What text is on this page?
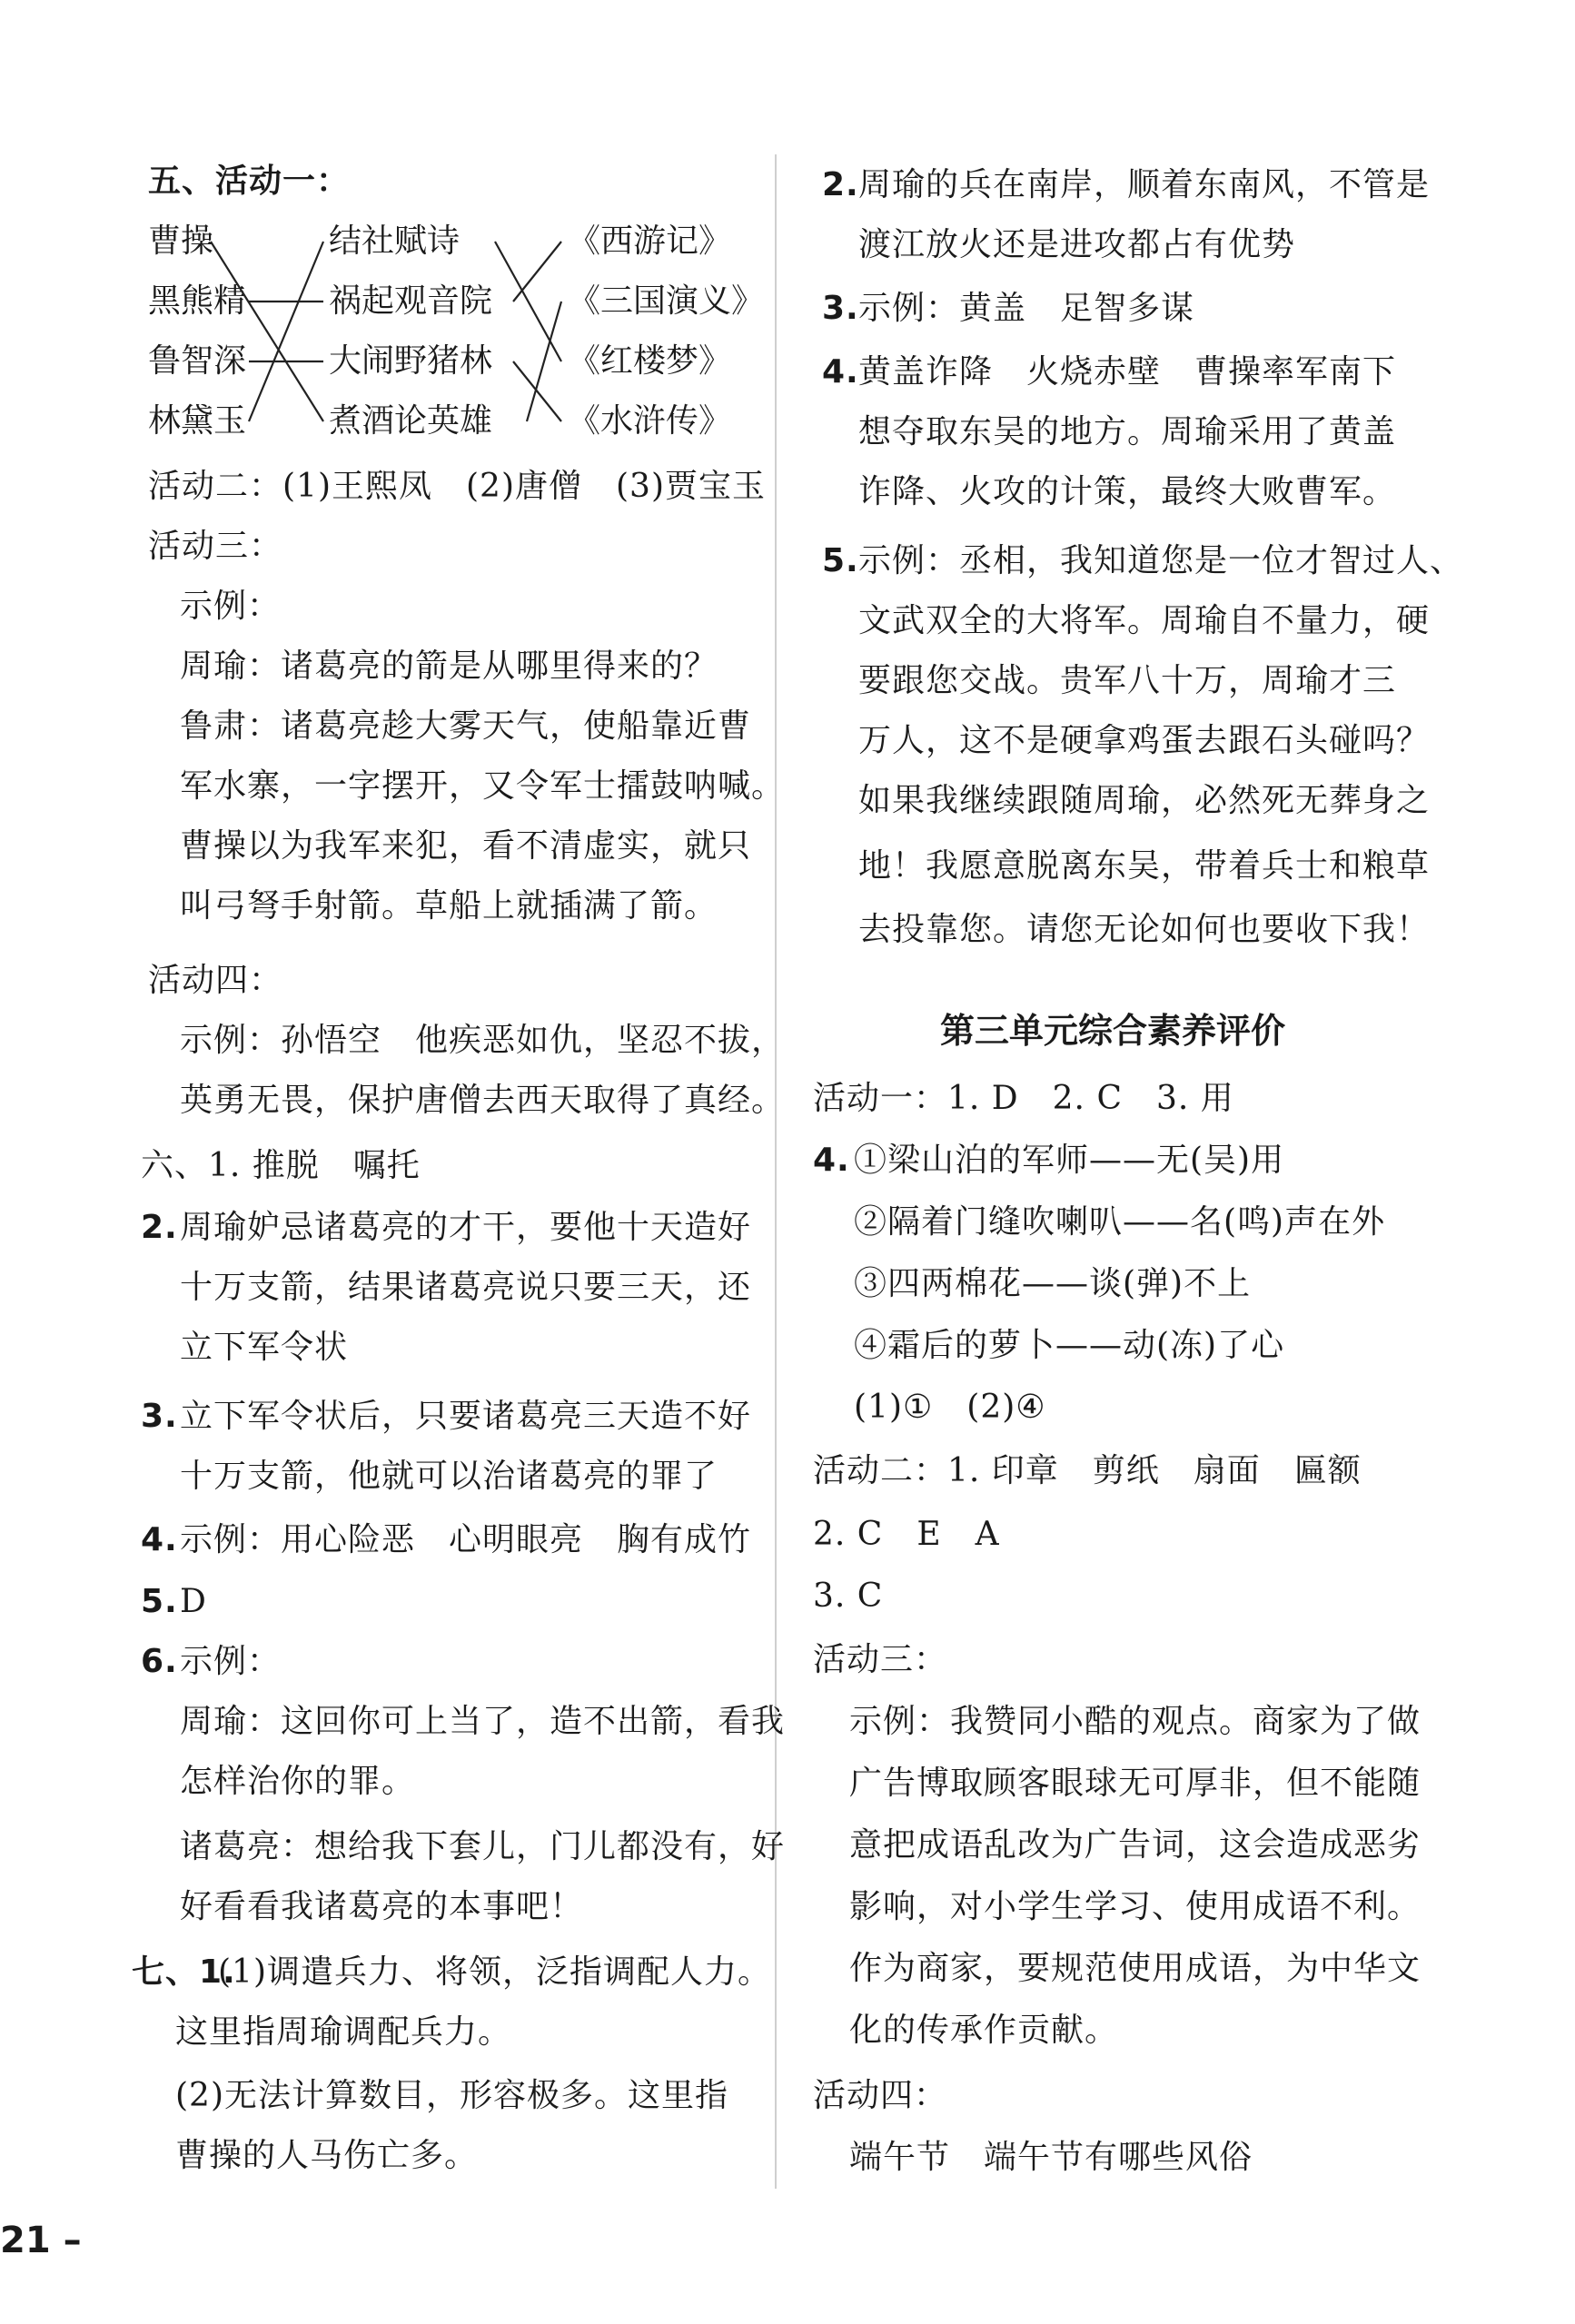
五、活动一：
曹操
黑熊精
鲁智深
林黛玉
结社赋诗
祸起观音院
大闹野猪林
煮酒论英雄
《西游记》
《三国演义》
《红楼梦》
《水浒传》
活动二：(1)王熙凤　(2)唐僧　(3)贾宝玉
活动三：
示例：
周瑜：诸葛亮的箭是从哪里得来的？
鲁肃：诸葛亮趁大雾天气，使船靠近曹
军水寨，一字摆开，又令军士擂鼓呐喊。
曹操以为我军来犯，看不清虚实，就只
叫弓弩手射箭。草船上就插满了箭。
活动四：
示例：孙悟空　他疾恶如仇，坚忍不拔，
英勇无畏，保护唐僧去西天取得了真经。
六、1. 推脱　嘱托
2. 周瑜妒忌诸葛亮的才干，要他十天造好
十万支箭，结果诸葛亮说只要三天，还
立下军令状
3. 立下军令状后，只要诸葛亮三天造不好
十万支箭，他就可以治诸葛亮的罪了
4. 示例：用心险恶　心明眼亮　胸有成竹
5. D
6. 示例：
周瑜：这回你可上当了，造不出箭，看我
怎样治你的罪。
诸葛亮：想给我下套儿，门儿都没有，好
好看看我诸葛亮的本事吧！
七、1.
(1)调遣兵力、将领，泛指调配人力。
这里指周瑜调配兵力。
(2)无法计算数目，形容极多。这里指
曹操的人马伤亡多。
2. 周瑜的兵在南岸，顺着东南风，不管是
渡江放火还是进攻都占有优势
3. 示例：黄盖　足智多谋
4. 黄盖诈降　火烧赤壁　曹操率军南下
想夺取东吴的地方。周瑜采用了黄盖
诈降、火攻的计策，最终大败曹军。
5. 示例：丞相，我知道您是一位才智过人、
文武双全的大将军。周瑜自不量力，硬
要跟您交战。贵军八十万，周瑜才三
万人，这不是硬拿鸡蛋去跟石头碰吗？
如果我继续跟随周瑜，必然死无葬身之
地！我愿意脱离东吴，带着兵士和粮草
去投靠您。请您无论如何也要收下我！
第三单元综合素养评价
活动一：1. D　2. C　3. 用
4. ①梁山泊的军师——无(吴)用
②隔着门缝吹喇叭——名(鸣)声在外
③四两棉花——谈(弹)不上
④霜后的萝卜——动(冻)了心
(1)①　(2)④
活动二：1. 印章　剪纸　扇面　匾额
2. C　E　A
3. C
活动三：
示例：我赞同小酷的观点。商家为了做
广告博取顾客眼球无可厚非，但不能随
意把成语乱改为广告词，这会造成恶劣
影响，对小学生学习、使用成语不利。
作为商家，要规范使用成语，为中华文
化的传承作贡献。
活动四：
端午节　端午节有哪些风俗
21 –
